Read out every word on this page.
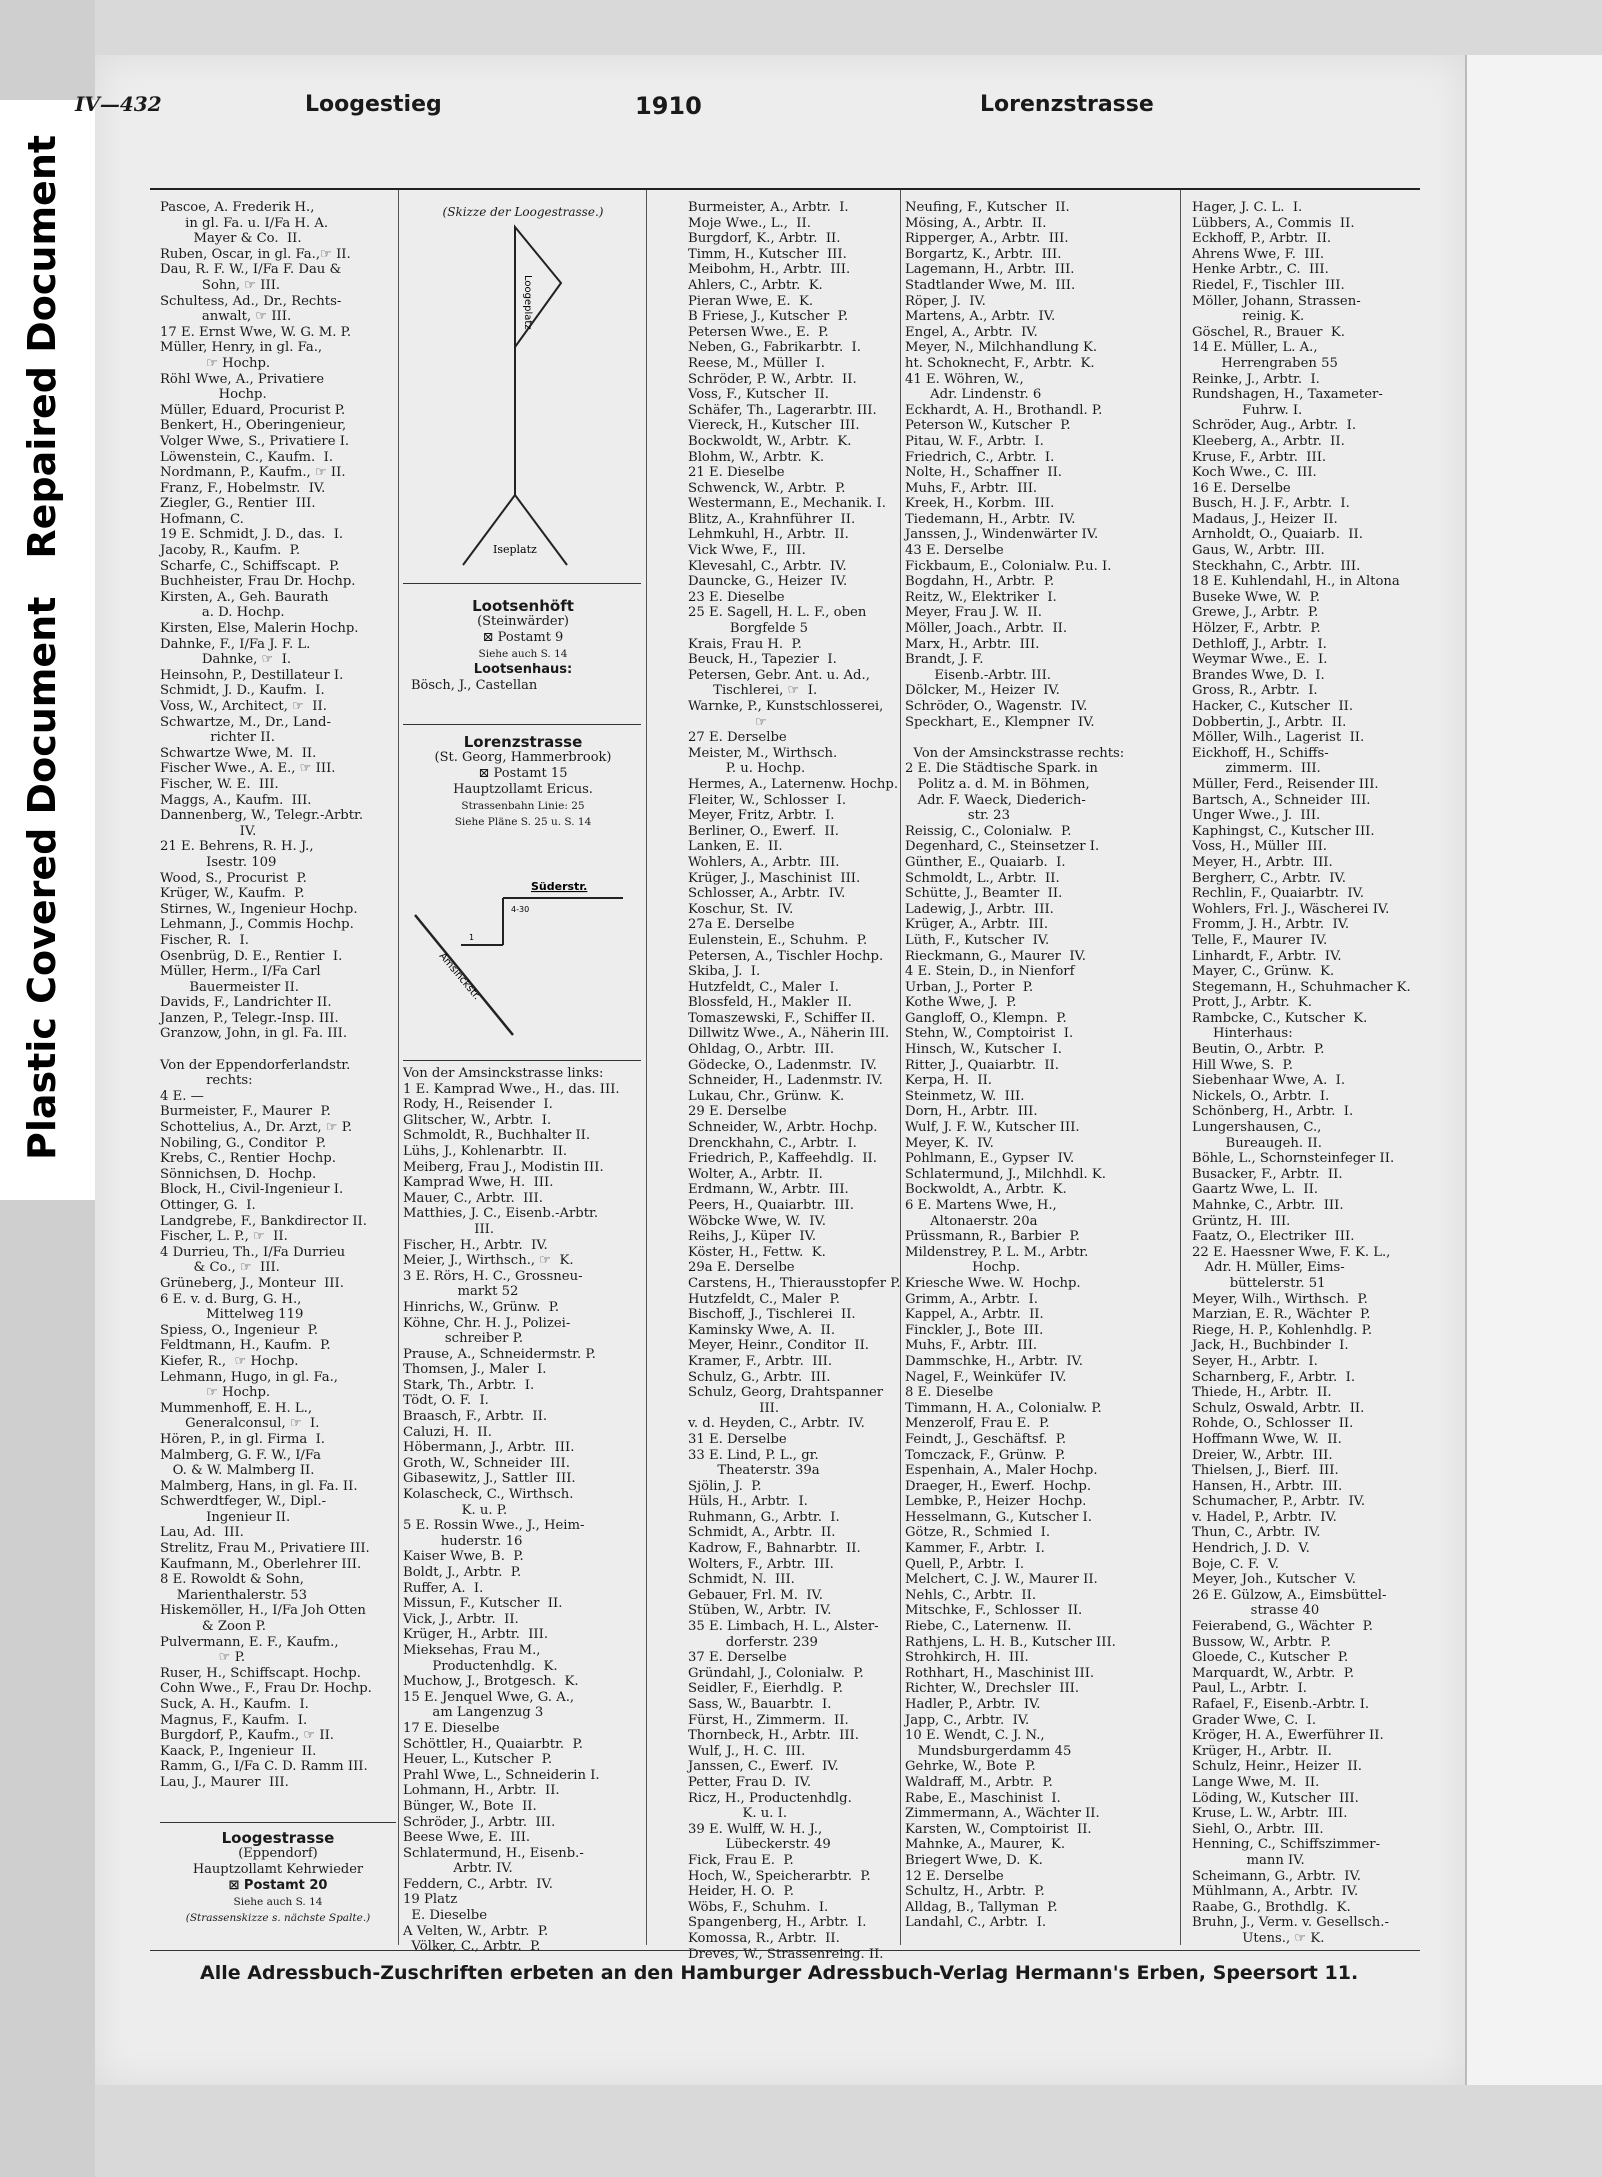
Plastic Covered DocumentRepaired Document
IV—432	Loogestieg	1910	Lorenzstrasse
Pascoe, A. Frederik H.,
in gl. Fa. u. I/Fa H. A.
Mayer & Co.  II.
Ruben, Oscar, in gl. Fa.,☞ II.
Dau, R. F. W., I/Fa F. Dau &
Sohn, ☞ III.
Schultess, Ad., Dr., Rechts-
anwalt, ☞ III.
17 E. Ernst Wwe, W. G. M. P.
Müller, Henry, in gl. Fa.,
☞ Hochp.
Röhl Wwe, A., Privatiere
Hochp.
Müller, Eduard, Procurist P.
Benkert, H., Oberingenieur,
Volger Wwe, S., Privatiere I.
Löwenstein, C., Kaufm.  I.
Nordmann, P., Kaufm., ☞ II.
Franz, F., Hobelmstr.  IV.
Ziegler, G., Rentier  III.
Hofmann, C.
19 E. Schmidt, J. D., das.  I.
Jacoby, R., Kaufm.  P.
Scharfe, C., Schiffscapt.  P.
Buchheister, Frau Dr. Hochp.
Kirsten, A., Geh. Baurath
a. D. Hochp.
Kirsten, Else, Malerin Hochp.
Dahnke, F., I/Fa J. F. L.
Dahnke, ☞  I.
Heinsohn, P., Destillateur I.
Schmidt, J. D., Kaufm.  I.
Voss, W., Architect, ☞  II.
Schwartze, M., Dr., Land-
richter II.
Schwartze Wwe, M.  II.
Fischer Wwe., A. E., ☞ III.
Fischer, W. E.  III.
Maggs, A., Kaufm.  III.
Dannenberg, W., Telegr.-Arbtr.
IV.
21 E. Behrens, R. H. J.,
Isestr. 109
Wood, S., Procurist  P.
Krüger, W., Kaufm.  P.
Stirnes, W., Ingenieur Hochp.
Lehmann, J., Commis Hochp.
Fischer, R.  I.
Osenbrüg, D. E., Rentier  I.
Müller, Herm., I/Fa Carl
Bauermeister II.
Davids, F., Landrichter II.
Janzen, P., Telegr.-Insp. III.
Granzow, John, in gl. Fa. III.

Von der Eppendorferlandstr.
rechts:
4 E. —
Burmeister, F., Maurer  P.
Schottelius, A., Dr. Arzt, ☞ P.
Nobiling, G., Conditor  P.
Krebs, C., Rentier  Hochp.
Sönnichsen, D.  Hochp.
Block, H., Civil-Ingenieur I.
Ottinger, G.  I.
Landgrebe, F., Bankdirector II.
Fischer, L. P., ☞  II.
4 Durrieu, Th., I/Fa Durrieu
& Co., ☞  III.
Grüneberg, J., Monteur  III.
6 E. v. d. Burg, G. H.,
Mittelweg 119
Spiess, O., Ingenieur  P.
Feldtmann, H., Kaufm.  P.
Kiefer, R.,  ☞ Hochp.
Lehmann, Hugo, in gl. Fa.,
☞ Hochp.
Mummenhoff, E. H. L.,
Generalconsul, ☞  I.
Hören, P., in gl. Firma  I.
Malmberg, G. F. W., I/Fa
O. & W. Malmberg II.
Malmberg, Hans, in gl. Fa. II.
Schwerdtfeger, W., Dipl.-
Ingenieur II.
Lau, Ad.  III.
Strelitz, Frau M., Privatiere III.
Kaufmann, M., Oberlehrer III.
8 E. Rowoldt & Sohn,
Marienthalerstr. 53
Hiskemöller, H., I/Fa Joh Otten
& Zoon P.
Pulvermann, E. F., Kaufm.,
☞ P.
Ruser, H., Schiffscapt. Hochp.
Cohn Wwe., F., Frau Dr. Hochp.
Suck, A. H., Kaufm.  I.
Magnus, F., Kaufm.  I.
Burgdorf, P., Kaufm., ☞ II.
Kaack, P., Ingenieur  II.
Ramm, G., I/Fa C. D. Ramm III.
Lau, J., Maurer  III.
Burmeister, A., Arbtr.  I.
Moje Wwe., L.,  II.
Burgdorf, K., Arbtr.  II.
Timm, H., Kutscher  III.
Meibohm, H., Arbtr.  III.
Ahlers, C., Arbtr.  K.
Pieran Wwe, E.  K.
B Friese, J., Kutscher  P.
Petersen Wwe., E.  P.
Neben, G., Fabrikarbtr.  I.
Reese, M., Müller  I.
Schröder, P. W., Arbtr.  II.
Voss, F., Kutscher  II.
Schäfer, Th., Lagerarbtr. III.
Viereck, H., Kutscher  III.
Bockwoldt, W., Arbtr.  K.
Blohm, W., Arbtr.  K.
21 E. Dieselbe
Schwenck, W., Arbtr.  P.
Westermann, E., Mechanik. I.
Blitz, A., Krahnführer  II.
Lehmkuhl, H., Arbtr.  II.
Vick Wwe, F.,  III.
Klevesahl, C., Arbtr.  IV.
Dauncke, G., Heizer  IV.
23 E. Dieselbe
25 E. Sagell, H. L. F., oben
Borgfelde 5
Krais, Frau H.  P.
Beuck, H., Tapezier  I.
Petersen, Gebr. Ant. u. Ad.,
Tischlerei, ☞  I.
Warnke, P., Kunstschlosserei,
☞
27 E. Derselbe
Meister, M., Wirthsch.
P. u. Hochp.
Hermes, A., Laternenw. Hochp.
Fleiter, W., Schlosser  I.
Meyer, Fritz, Arbtr.  I.
Berliner, O., Ewerf.  II.
Lanken, E.  II.
Wohlers, A., Arbtr.  III.
Krüger, J., Maschinist  III.
Schlosser, A., Arbtr.  IV.
Koschur, St.  IV.
27a E. Derselbe
Eulenstein, E., Schuhm.  P.
Petersen, A., Tischler Hochp.
Skiba, J.  I.
Hutzfeldt, C., Maler  I.
Blossfeld, H., Makler  II.
Tomaszewski, F., Schiffer II.
Dillwitz Wwe., A., Näherin III.
Ohldag, O., Arbtr.  III.
Gödecke, O., Ladenmstr.  IV.
Schneider, H., Ladenmstr. IV.
Lukau, Chr., Grünw.  K.
29 E. Derselbe
Schneider, W., Arbtr. Hochp.
Drenckhahn, C., Arbtr.  I.
Friedrich, P., Kaffeehdlg.  II.
Wolter, A., Arbtr.  II.
Erdmann, W., Arbtr.  III.
Peers, H., Quaiarbtr.  III.
Wöbcke Wwe, W.  IV.
Reihs, J., Küper  IV.
Köster, H., Fettw.  K.
29a E. Derselbe
Carstens, H., Thierausstopfer P.
Hutzfeldt, C., Maler  P.
Bischoff, J., Tischlerei  II.
Kaminsky Wwe, A.  II.
Meyer, Heinr., Conditor  II.
Kramer, F., Arbtr.  III.
Schulz, G., Arbtr.  III.
Schulz, Georg, Drahtspanner
III.
v. d. Heyden, C., Arbtr.  IV.
31 E. Derselbe
33 E. Lind, P. L., gr.
Theaterstr. 39a
Sjölin, J.  P.
Hüls, H., Arbtr.  I.
Ruhmann, G., Arbtr.  I.
Schmidt, A., Arbtr.  II.
Kadrow, F., Bahnarbtr.  II.
Wolters, F., Arbtr.  III.
Schmidt, N.  III.
Gebauer, Frl. M.  IV.
Stüben, W., Arbtr.  IV.
35 E. Limbach, H. L., Alster-
dorferstr. 239
37 E. Derselbe
Gründahl, J., Colonialw.  P.
Seidler, F., Eierhdlg.  P.
Sass, W., Bauarbtr.  I.
Fürst, H., Zimmerm.  II.
Thornbeck, H., Arbtr.  III.
Wulf, J., H. C.  III.
Janssen, C., Ewerf.  IV.
Petter, Frau D.  IV.
Ricz, H., Productenhdlg.
K. u. I.
39 E. Wulff, W. H. J.,
Lübeckerstr. 49
Fick, Frau E.  P.
Hoch, W., Speicherarbtr.  P.
Heider, H. O.  P.
Wöbs, F., Schuhm.  I.
Spangenberg, H., Arbtr.  I.
Komossa, R., Arbtr.  II.
Dreves, W., Strassenreing. II.
Neufing, F., Kutscher  II.
Mösing, A., Arbtr.  II.
Ripperger, A., Arbtr.  III.
Borgartz, K., Arbtr.  III.
Lagemann, H., Arbtr.  III.
Stadtlander Wwe, M.  III.
Röper, J.  IV.
Martens, A., Arbtr.  IV.
Engel, A., Arbtr.  IV.
Meyer, N., Milchhandlung K.
ht. Schoknecht, F., Arbtr.  K.
41 E. Wöhren, W.,
Adr. Lindenstr. 6
Eckhardt, A. H., Brothandl. P.
Peterson W., Kutscher  P.
Pitau, W. F., Arbtr.  I.
Friedrich, C., Arbtr.  I.
Nolte, H., Schaffner  II.
Muhs, F., Arbtr.  III.
Kreek, H., Korbm.  III.
Tiedemann, H., Arbtr.  IV.
Janssen, J., Windenwärter IV.
43 E. Derselbe
Fickbaum, E., Colonialw. P.u. I.
Bogdahn, H., Arbtr.  P.
Reitz, W., Elektriker  I.
Meyer, Frau J. W.  II.
Möller, Joach., Arbtr.  II.
Marx, H., Arbtr.  III.
Brandt, J. F.
Eisenb.-Arbtr. III.
Dölcker, M., Heizer  IV.
Schröder, O., Wagenstr.  IV.
Speckhart, E., Klempner  IV.

Von der Amsinckstrasse rechts:
2 E. Die Städtische Spark. in
Politz a. d. M. in Böhmen,
Adr. F. Waeck, Diederich-
str. 23
Reissig, C., Colonialw.  P.
Degenhard, C., Steinsetzer I.
Günther, E., Quaiarb.  I.
Schmoldt, L., Arbtr.  II.
Schütte, J., Beamter  II.
Ladewig, J., Arbtr.  III.
Krüger, A., Arbtr.  III.
Lüth, F., Kutscher  IV.
Rieckmann, G., Maurer  IV.
4 E. Stein, D., in Nienforf
Urban, J., Porter  P.
Kothe Wwe, J.  P.
Gangloff, O., Klempn.  P.
Stehn, W., Comptoirist  I.
Hinsch, W., Kutscher  I.
Ritter, J., Quaiarbtr.  II.
Kerpa, H.  II.
Steinmetz, W.  III.
Dorn, H., Arbtr.  III.
Wulf, J. F. W., Kutscher III.
Meyer, K.  IV.
Pohlmann, E., Gypser  IV.
Schlatermund, J., Milchhdl. K.
Bockwoldt, A., Arbtr.  K.
6 E. Martens Wwe, H.,
Altonaerstr. 20a
Prüssmann, R., Barbier  P.
Mildenstrey, P. L. M., Arbtr.
Hochp.
Kriesche Wwe. W.  Hochp.
Grimm, A., Arbtr.  I.
Kappel, A., Arbtr.  II.
Finckler, J., Bote  III.
Muhs, F., Arbtr.  III.
Dammschke, H., Arbtr.  IV.
Nagel, F., Weinküfer  IV.
8 E. Dieselbe
Timmann, H. A., Colonialw. P.
Menzerolf, Frau E.  P.
Feindt, J., Geschäftsf.  P.
Tomczack, F., Grünw.  P.
Espenhain, A., Maler Hochp.
Draeger, H., Ewerf.  Hochp.
Lembke, P., Heizer  Hochp.
Hesselmann, G., Kutscher I.
Götze, R., Schmied  I.
Kammer, F., Arbtr.  I.
Quell, P., Arbtr.  I.
Melchert, C. J. W., Maurer II.
Nehls, C., Arbtr.  II.
Mitschke, F., Schlosser  II.
Riebe, C., Laternenw.  II.
Rathjens, L. H. B., Kutscher III.
Strohkirch, H.  III.
Rothhart, H., Maschinist III.
Richter, W., Drechsler  III.
Hadler, P., Arbtr.  IV.
Japp, C., Arbtr.  IV.
10 E. Wendt, C. J. N.,
Mundsburgerdamm 45
Gehrke, W., Bote  P.
Waldraff, M., Arbtr.  P.
Rabe, E., Maschinist  I.
Zimmermann, A., Wächter II.
Karsten, W., Comptoirist  II.
Mahnke, A., Maurer,  K.
Briegert Wwe, D.  K.
12 E. Derselbe
Schultz, H., Arbtr.  P.
Alldag, B., Tallyman  P.
Landahl, C., Arbtr.  I.
Hager, J. C. L.  I.
Lübbers, A., Commis  II.
Eckhoff, P., Arbtr.  II.
Ahrens Wwe, F.  III.
Henke Arbtr., C.  III.
Riedel, F., Tischler  III.
Möller, Johann, Strassen-
reinig. K.
Göschel, R., Brauer  K.
14 E. Müller, L. A.,
Herrengraben 55
Reinke, J., Arbtr.  I.
Rundshagen, H., Taxameter-
Fuhrw. I.
Schröder, Aug., Arbtr.  I.
Kleeberg, A., Arbtr.  II.
Kruse, F., Arbtr.  III.
Koch Wwe., C.  III.
16 E. Derselbe
Busch, H. J. F., Arbtr.  I.
Madaus, J., Heizer  II.
Arnholdt, O., Quaiarb.  II.
Gaus, W., Arbtr.  III.
Steckhahn, C., Arbtr.  III.
18 E. Kuhlendahl, H., in Altona
Buseke Wwe, W.  P.
Grewe, J., Arbtr.  P.
Hölzer, F., Arbtr.  P.
Dethloff, J., Arbtr.  I.
Weymar Wwe., E.  I.
Brandes Wwe, D.  I.
Gross, R., Arbtr.  I.
Hacker, C., Kutscher  II.
Dobbertin, J., Arbtr.  II.
Möller, Wilh., Lagerist  II.
Eickhoff, H., Schiffs-
zimmerm.  III.
Müller, Ferd., Reisender III.
Bartsch, A., Schneider  III.
Unger Wwe., J.  III.
Kaphingst, C., Kutscher III.
Voss, H., Müller  III.
Meyer, H., Arbtr.  III.
Bergherr, C., Arbtr.  IV.
Rechlin, F., Quaiarbtr.  IV.
Wohlers, Frl. J., Wäscherei IV.
Fromm, J. H., Arbtr.  IV.
Telle, F., Maurer  IV.
Linhardt, F., Arbtr.  IV.
Mayer, C., Grünw.  K.
Stegemann, H., Schuhmacher K.
Prott, J., Arbtr.  K.
Rambcke, C., Kutscher  K.
Hinterhaus:
Beutin, O., Arbtr.  P.
Hill Wwe, S.  P.
Siebenhaar Wwe, A.  I.
Nickels, O., Arbtr.  I.
Schönberg, H., Arbtr.  I.
Lungershausen, C.,
Bureaugeh. II.
Böhle, L., Schornsteinfeger II.
Busacker, F., Arbtr.  II.
Gaartz Wwe, L.  II.
Mahnke, C., Arbtr.  III.
Grüntz, H.  III.
Faatz, O., Electriker  III.
22 E. Haessner Wwe, F. K. L.,
Adr. H. Müller, Eims-
büttelerstr. 51
Meyer, Wilh., Wirthsch.  P.
Marzian, E. R., Wächter  P.
Riege, H. P., Kohlenhdlg. P.
Jack, H., Buchbinder  I.
Seyer, H., Arbtr.  I.
Scharnberg, F., Arbtr.  I.
Thiede, H., Arbtr.  II.
Schulz, Oswald, Arbtr.  II.
Rohde, O., Schlosser  II.
Hoffmann Wwe, W.  II.
Dreier, W., Arbtr.  III.
Thielsen, J., Bierf.  III.
Hansen, H., Arbtr.  III.
Schumacher, P., Arbtr.  IV.
v. Hadel, P., Arbtr.  IV.
Thun, C., Arbtr.  IV.
Hendrich, J. D.  V.
Boje, C. F.  V.
Meyer, Joh., Kutscher  V.
26 E. Gülzow, A., Eimsbüttel-
strasse 40
Feierabend, G., Wächter  P.
Bussow, W., Arbtr.  P.
Gloede, C., Kutscher  P.
Marquardt, W., Arbtr.  P.
Paul, L., Arbtr.  I.
Rafael, F., Eisenb.-Arbtr. I.
Grader Wwe, C.  I.
Kröger, H. A., Ewerführer II.
Krüger, H., Arbtr.  II.
Schulz, Heinr., Heizer  II.
Lange Wwe, M.  II.
Löding, W., Kutscher  III.
Kruse, L. W., Arbtr.  III.
Siehl, O., Arbtr.  III.
Henning, C., Schiffszimmer-
mann IV.
Scheimann, G., Arbtr.  IV.
Mühlmann, A., Arbtr.  IV.
Raabe, G., Brothdlg.  K.
Bruhn, J., Verm. v. Gesellsch.-
Utens., ☞ K.
(Skizze der Loogestrasse.)
Loogeplatz
Iseplatz
Lootsenhöft
(Steinwärder)
⊠ Postamt 9
Siehe auch S. 14
Lootsenhaus:
Bösch, J., Castellan
Lorenzstrasse
(St. Georg, Hammerbrook)
⊠ Postamt 15
Hauptzollamt Ericus.
Strassenbahn Linie: 25
Siehe Pläne S. 25 u. S. 14
Süderstr.
4-30
1
Amsinckstr.
Von der Amsinckstrasse links:
1 E. Kamprad Wwe., H., das. III.
Rody, H., Reisender  I.
Glitscher, W., Arbtr.  I.
Schmoldt, R., Buchhalter II.
Lühs, J., Kohlenarbtr.  II.
Meiberg, Frau J., Modistin III.
Kamprad Wwe, H.  III.
Mauer, C., Arbtr.  III.
Matthies, J. C., Eisenb.-Arbtr.
III.
Fischer, H., Arbtr.  IV.
Meier, J., Wirthsch., ☞  K.
3 E. Rörs, H. C., Grossneu-
markt 52
Hinrichs, W., Grünw.  P.
Köhne, Chr. H. J., Polizei-
schreiber P.
Prause, A., Schneidermstr. P.
Thomsen, J., Maler  I.
Stark, Th., Arbtr.  I.
Tödt, O. F.  I.
Braasch, F., Arbtr.  II.
Caluzi, H.  II.
Höbermann, J., Arbtr.  III.
Groth, W., Schneider  III.
Gibasewitz, J., Sattler  III.
Kolascheck, C., Wirthsch.
K. u. P.
5 E. Rossin Wwe., J., Heim-
huderstr. 16
Kaiser Wwe, B.  P.
Boldt, J., Arbtr.  P.
Ruffer, A.  I.
Missun, F., Kutscher  II.
Vick, J., Arbtr.  II.
Krüger, H., Arbtr.  III.
Mieksehas, Frau M.,
Productenhdlg.  K.
Muchow, J., Brotgesch.  K.
15 E. Jenquel Wwe, G. A.,
am Langenzug 3
17 E. Dieselbe
Schöttler, H., Quaiarbtr.  P.
Heuer, L., Kutscher  P.
Prahl Wwe, L., Schneiderin I.
Lohmann, H., Arbtr.  II.
Bünger, W., Bote  II.
Schröder, J., Arbtr.  III.
Beese Wwe, E.  III.
Schlatermund, H., Eisenb.-
Arbtr. IV.
Feddern, C., Arbtr.  IV.
19 Platz
E. Dieselbe
A Velten, W., Arbtr.  P.
Völker, C., Arbtr.  P.
Loogestrasse
(Eppendorf)
Hauptzollamt Kehrwieder
⊠ Postamt 20
Siehe auch S. 14
(Strassenskizze s. nächste Spalte.)
Alle Adressbuch-Zuschriften erbeten an den Hamburger Adressbuch-Verlag Hermann's Erben, Speersort 11.
